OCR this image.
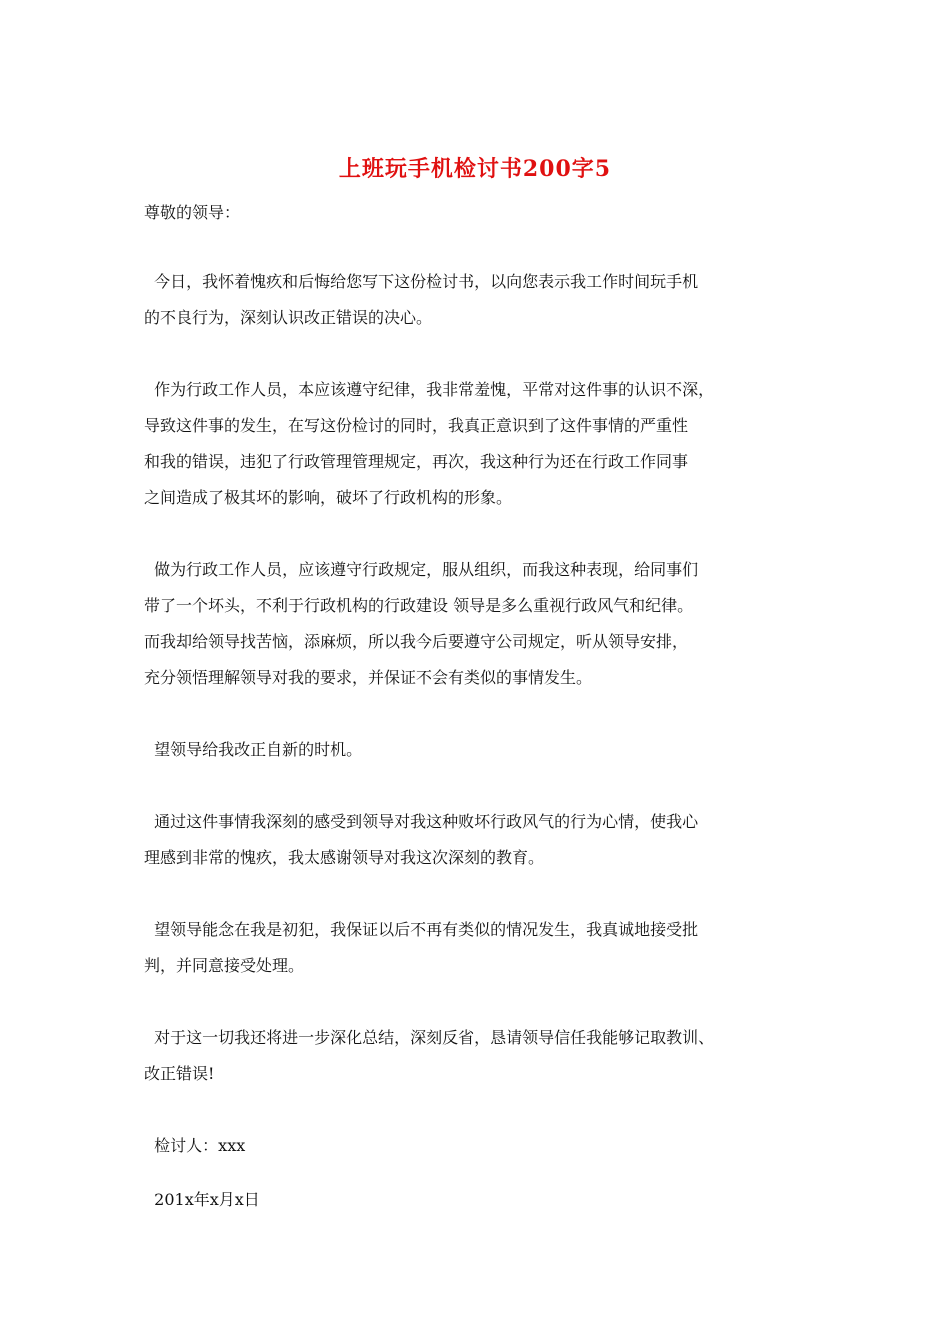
上班玩手机检讨书200字5
尊敬的领导：
今日，我怀着愧疚和后悔给您写下这份检讨书，以向您表示我工作时间玩手机
的不良行为，深刻认识改正错误的决心。
作为行政工作人员，本应该遵守纪律，我非常羞愧，平常对这件事的认识不深，
导致这件事的发生，在写这份检讨的同时，我真正意识到了这件事情的严重性
和我的错误，违犯了行政管理管理规定，再次，我这种行为还在行政工作同事
之间造成了极其坏的影响，破坏了行政机构的形象。
做为行政工作人员，应该遵守行政规定，服从组织，而我这种表现，给同事们
带了一个坏头，不利于行政机构的行政建设 领导是多么重视行政风气和纪律。
而我却给领导找苦恼，添麻烦，所以我今后要遵守公司规定，听从领导安排，
充分领悟理解领导对我的要求，并保证不会有类似的事情发生。
望领导给我改正自新的时机。
通过这件事情我深刻的感受到领导对我这种败坏行政风气的行为心情，使我心
理感到非常的愧疚，我太感谢领导对我这次深刻的教育。
望领导能念在我是初犯，我保证以后不再有类似的情况发生，我真诚地接受批
判，并同意接受处理。
对于这一切我还将进一步深化总结，深刻反省，恳请领导信任我能够记取教训、
改正错误!
检讨人：xxx
201x年x月x日
